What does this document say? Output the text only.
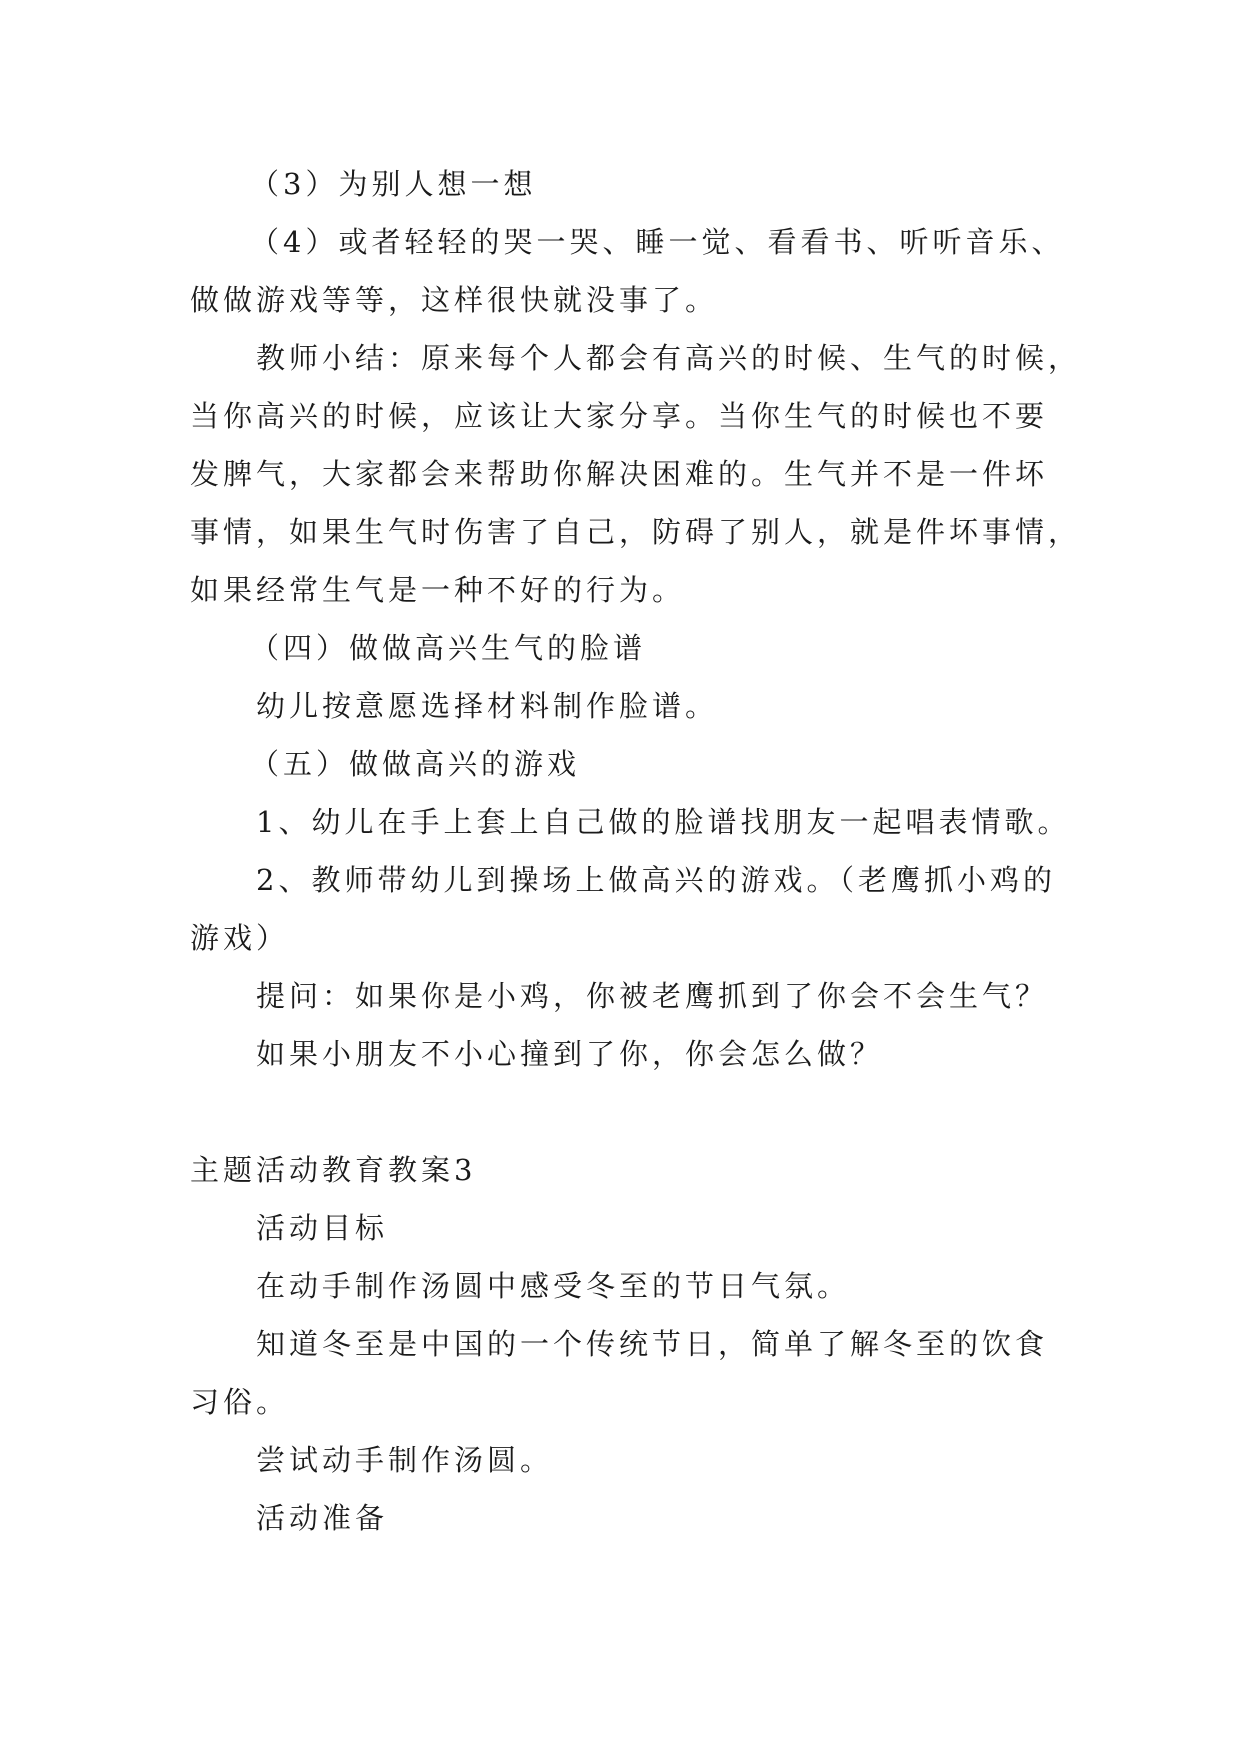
（3）为别人想一想
（4）或者轻轻的哭一哭、睡一觉、看看书、听听音乐、
做做游戏等等，这样很快就没事了。
教师小结：原来每个人都会有高兴的时候、生气的时候，
当你高兴的时候，应该让大家分享。当你生气的时候也不要
发脾气，大家都会来帮助你解决困难的。生气并不是一件坏
事情，如果生气时伤害了自己，防碍了别人，就是件坏事情，
如果经常生气是一种不好的行为。
（四）做做高兴生气的脸谱
幼儿按意愿选择材料制作脸谱。
（五）做做高兴的游戏
1、幼儿在手上套上自己做的脸谱找朋友一起唱表情歌。
2、教师带幼儿到操场上做高兴的游戏。（老鹰抓小鸡的
游戏）
提问：如果你是小鸡，你被老鹰抓到了你会不会生气？
如果小朋友不小心撞到了你，你会怎么做？
主题活动教育教案3
活动目标
在动手制作汤圆中感受冬至的节日气氛。
知道冬至是中国的一个传统节日，简单了解冬至的饮食
习俗。
尝试动手制作汤圆。
活动准备
